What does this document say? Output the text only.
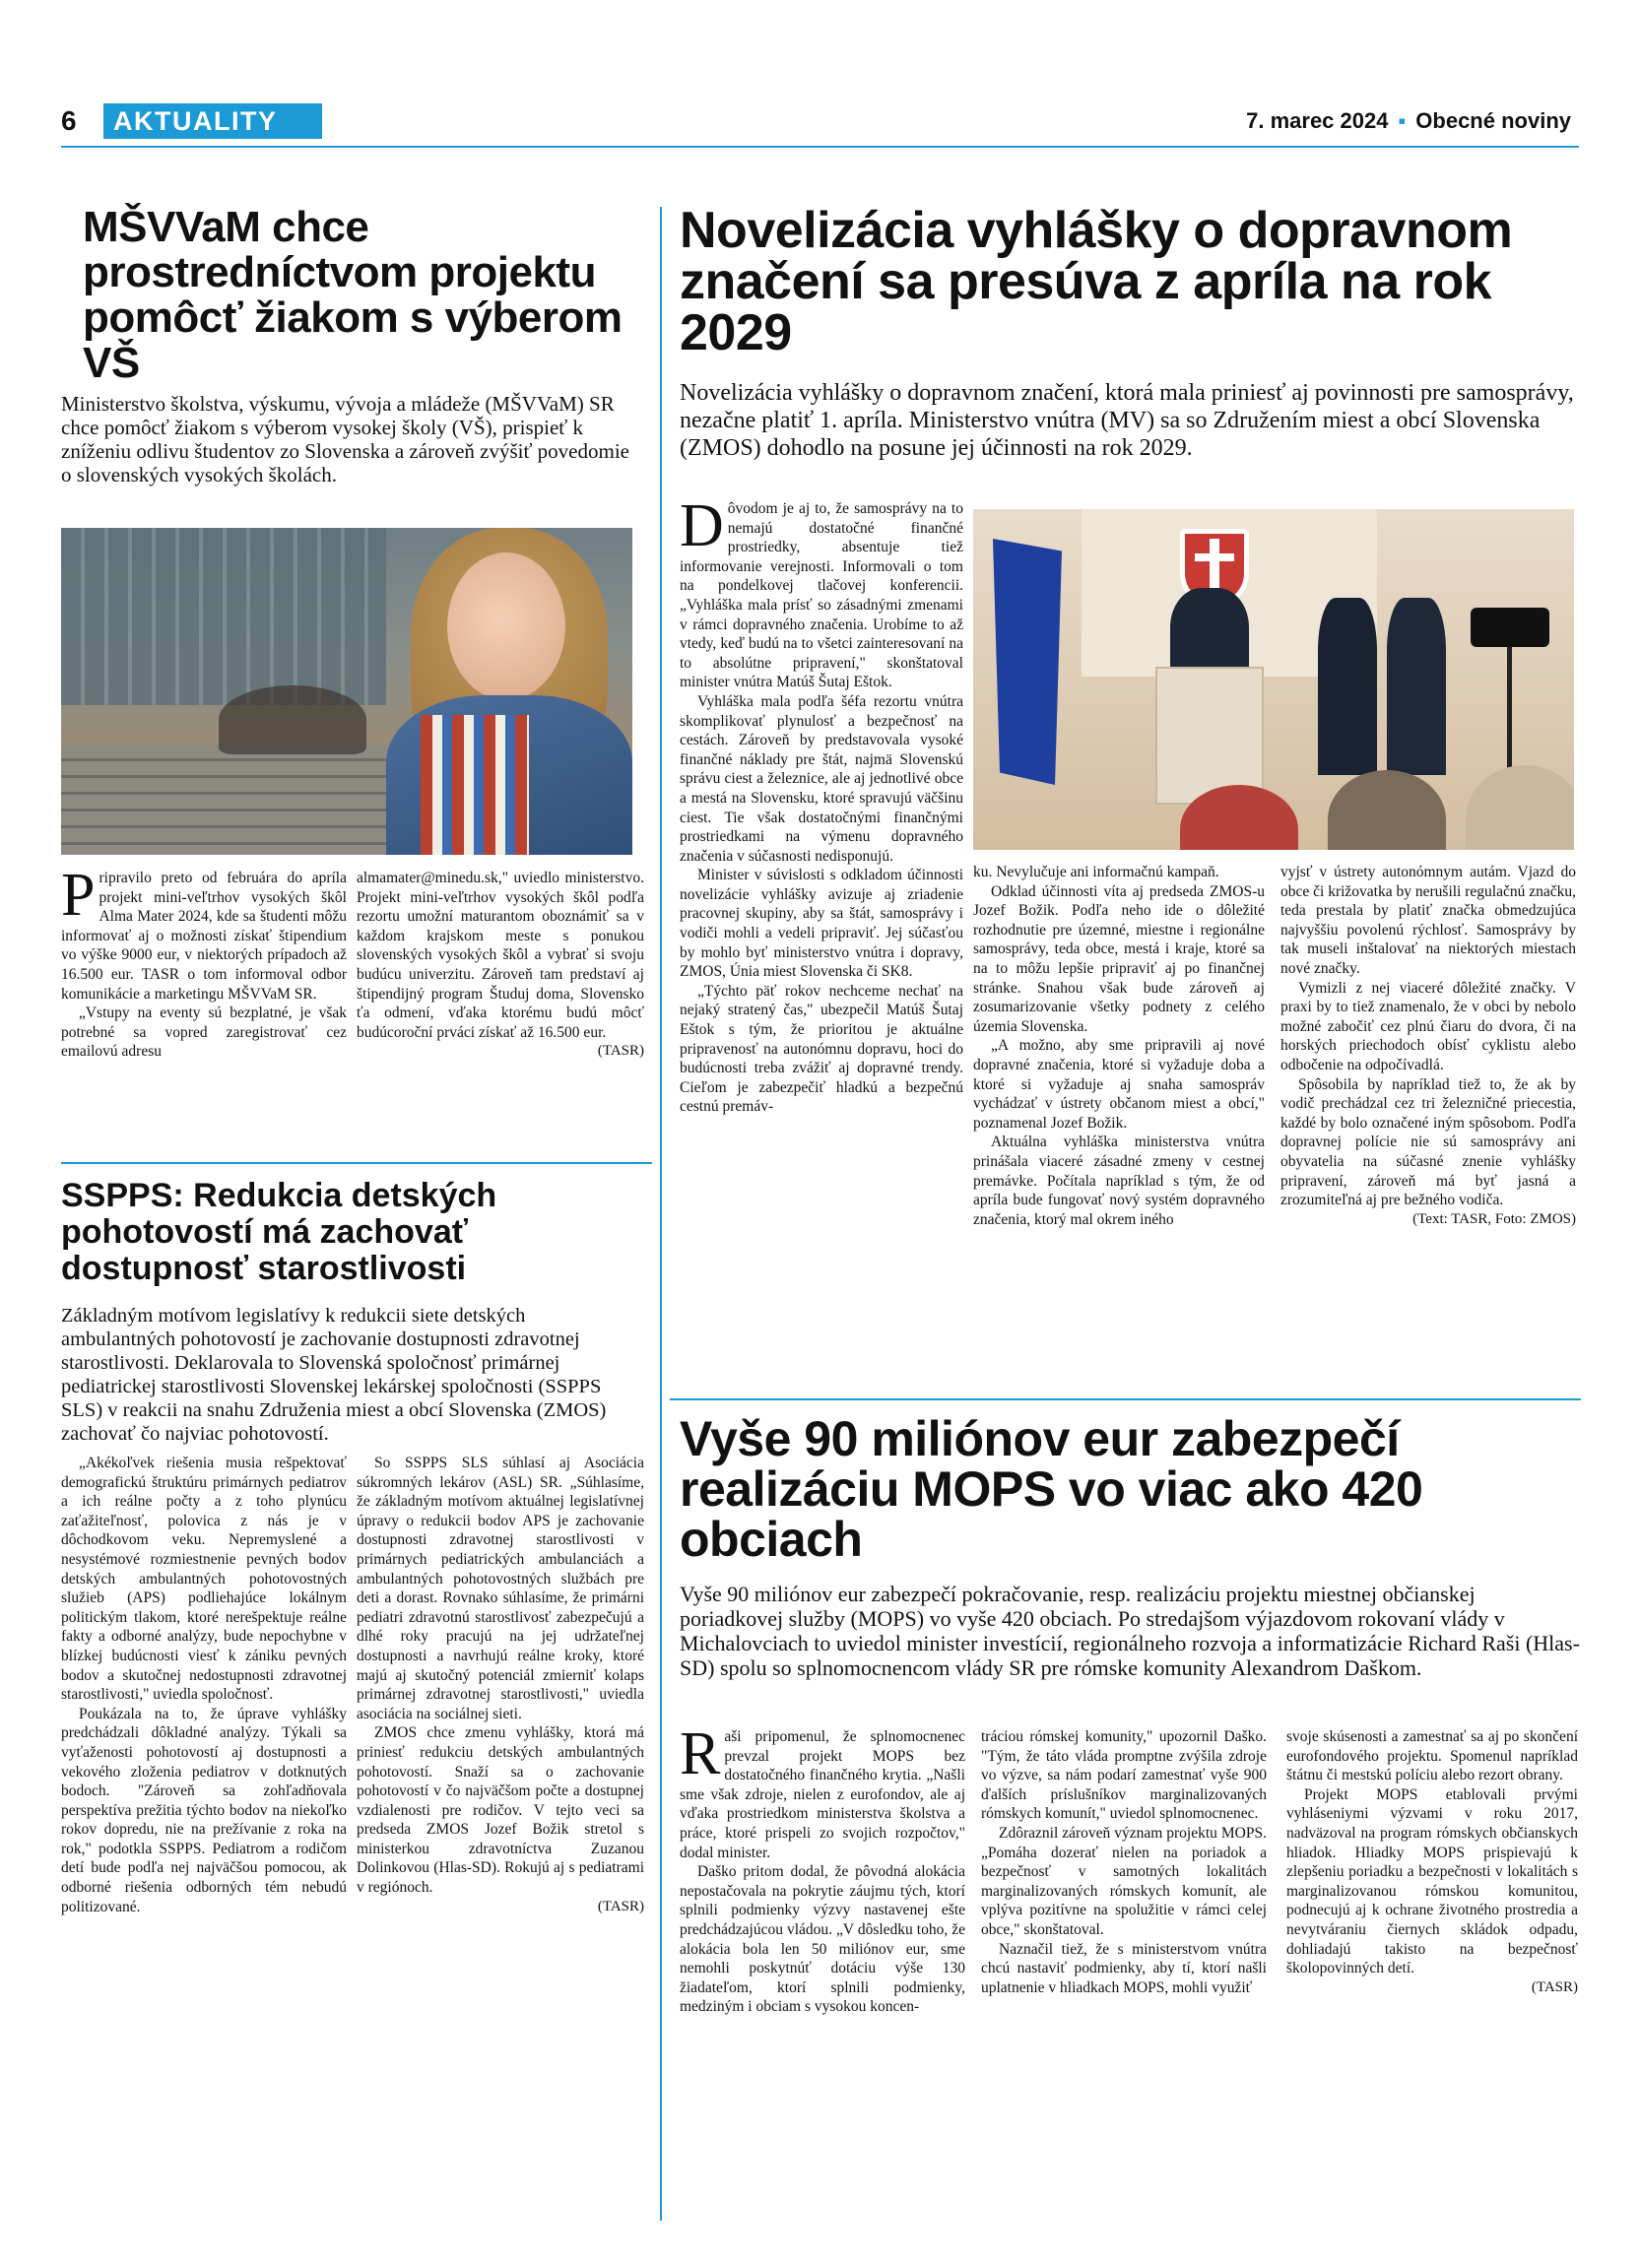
6	AKTUALITY	7. marec 2024 ▪ Obecné noviny
MŠVVaM chce prostredníctvom projektu pomôcť žiakom s výberom VŠ
Ministerstvo školstva, výskumu, vývoja a mládeže (MŠVVaM) SR chce pomôcť žiakom s výberom vysokej školy (VŠ), prispieť k zníženiu odlivu študentov zo Slovenska a zároveň zvýšiť povedomie o slovenských vysokých školách.

Pripravilo preto od februára do apríla projekt mini-veľtrhov vysokých škôl Alma Mater 2024, kde sa študenti môžu informovať aj o možnosti získať štipendium vo výške 9000 eur, v niektorých prípadoch až 16.500 eur. TASR o tom informoval odbor komunikácie a marketingu MŠVVaM SR.

„Vstupy na eventy sú bezplatné, je však potrebné sa vopred zaregistrovať cez emailovú adresu

almamater@minedu.sk," uviedlo ministerstvo. Projekt mini-veľtrhov vysokých škôl podľa rezortu umožní maturantom oboznámiť sa v každom krajskom meste s ponukou slovenských vysokých škôl a vybrať si svoju budúcu univerzitu. Zároveň tam predstaví aj štipendijný program Študuj doma, Slovensko ťa odmení, vďaka ktorému budú môcť budúcoroční prváci získať až 16.500 eur.

(TASR)

SSPPS: Redukcia detských pohotovostí má zachovať dostupnosť starostlivosti
Základným motívom legislatívy k redukcii siete detských ambulantných pohotovostí je zachovanie dostupnosti zdravotnej starostlivosti. Deklarovala to Slovenská spoločnosť primárnej pediatrickej starostlivosti Slovenskej lekárskej spoločnosti (SSPPS SLS) v reakcii na snahu Združenia miest a obcí Slovenska (ZMOS) zachovať čo najviac pohotovostí.

„Akékoľvek riešenia musia rešpektovať demografickú štruktúru primárnych pediatrov a ich reálne počty a z toho plynúcu zaťažiteľnosť, polovica z nás je v dôchodkovom veku. Nepremyslené a nesystémové rozmiestnenie pevných bodov detských ambulantných pohotovostných služieb (APS) podliehajúce lokálnym politickým tlakom, ktoré nerešpektuje reálne fakty a odborné analýzy, bude nepochybne v blízkej budúcnosti viesť k zániku pevných bodov a skutočnej nedostupnosti zdravotnej starostlivosti," uviedla spoločnosť.

Poukázala na to, že úprave vyhlášky predchádzali dôkladné analýzy. Týkali sa vyťaženosti pohotovostí aj dostupnosti a vekového zloženia pediatrov v dotknutých bodoch. "Zároveň sa zohľadňovala perspektíva prežitia týchto bodov na niekoľko rokov dopredu, nie na prežívanie z roka na rok," podotkla SSPPS. Pediatrom a rodičom detí bude podľa nej najväčšou pomocou, ak odborné riešenia odborných tém nebudú politizované.

So SSPPS SLS súhlasí aj Asociácia súkromných lekárov (ASL) SR. „Súhlasíme, že základným motívom aktuálnej legislatívnej úpravy o redukcii bodov APS je zachovanie dostupnosti zdravotnej starostlivosti v primárnych pediatrických ambulanciách a ambulantných pohotovostných službách pre deti a dorast. Rovnako súhlasíme, že primárni pediatri zdravotnú starostlivosť zabezpečujú a dlhé roky pracujú na jej udržateľnej dostupnosti a navrhujú reálne kroky, ktoré majú aj skutočný potenciál zmierniť kolaps primárnej zdravotnej starostlivosti," uviedla asociácia na sociálnej sieti.

ZMOS chce zmenu vyhlášky, ktorá má priniesť redukciu detských ambulantných pohotovostí. Snaží sa o zachovanie pohotovostí v čo najväčšom počte a dostupnej vzdialenosti pre rodičov. V tejto veci sa predseda ZMOS Jozef Božik stretol s ministerkou zdravotníctva Zuzanou Dolinkovou (Hlas-SD). Rokujú aj s pediatrami v regiónoch.

(TASR)

Novelizácia vyhlášky o dopravnom značení sa presúva z apríla na rok 2029
Novelizácia vyhlášky o dopravnom značení, ktorá mala priniesť aj povinnosti pre samosprávy, nezačne platiť 1. apríla. Ministerstvo vnútra (MV) sa so Združením miest a obcí Slovenska (ZMOS) dohodlo na posune jej účinnosti na rok 2029.

Dôvodom je aj to, že samosprávy na to nemajú dostatočné finančné prostriedky, absentuje tiež informovanie verejnosti. Informovali o tom na pondelkovej tlačovej konferencii. „Vyhláška mala prísť so zásadnými zmenami v rámci dopravného značenia. Urobíme to až vtedy, keď budú na to všetci zainteresovaní na to absolútne pripravení," skonštatoval minister vnútra Matúš Šutaj Eštok.

Vyhláška mala podľa šéfa rezortu vnútra skomplikovať plynulosť a bezpečnosť na cestách. Zároveň by predstavovala vysoké finančné náklady pre štát, najmä Slovenskú správu ciest a železnice, ale aj jednotlivé obce a mestá na Slovensku, ktoré spravujú väčšinu ciest. Tie však dostatočnými finančnými prostriedkami na výmenu dopravného značenia v súčasnosti nedisponujú.

Minister v súvislosti s odkladom účinnosti novelizácie vyhlášky avizuje aj zriadenie pracovnej skupiny, aby sa štát, samosprávy i vodiči mohli a vedeli pripraviť. Jej súčasťou by mohlo byť ministerstvo vnútra i dopravy, ZMOS, Únia miest Slovenska či SK8.

„Týchto päť rokov nechceme nechať na nejaký stratený čas," ubezpečil Matúš Šutaj Eštok s tým, že prioritou je aktuálne pripravenosť na autonómnu dopravu, hoci do budúcnosti treba zvážiť aj dopravné trendy. Cieľom je zabezpečiť hladkú a bezpečnú cestnú premáv-

ku. Nevylučuje ani informačnú kampaň.

Odklad účinnosti víta aj predseda ZMOS-u Jozef Božik. Podľa neho ide o dôležité rozhodnutie pre územné, miestne i regionálne samosprávy, teda obce, mestá i kraje, ktoré sa na to môžu lepšie pripraviť aj po finančnej stránke. Snahou však bude zároveň aj zosumarizovanie všetky podnety z celého územia Slovenska.

„A možno, aby sme pripravili aj nové dopravné značenia, ktoré si vyžaduje doba a ktoré si vyžaduje aj snaha samospráv vychádzať v ústrety občanom miest a obcí," poznamenal Jozef Božik.

Aktuálna vyhláška ministerstva vnútra prinášala viaceré zásadné zmeny v cestnej premávke. Počítala napríklad s tým, že od apríla bude fungovať nový systém dopravného značenia, ktorý mal okrem iného

vyjsť v ústrety autonómnym autám. Vjazd do obce či križovatka by nerušili regulačnú značku, teda prestala by platiť značka obmedzujúca najvyššiu povolenú rýchlosť. Samosprávy by tak museli inštalovať na niektorých miestach nové značky.

Vymizli z nej viaceré dôležité značky. V praxi by to tiež znamenalo, že v obci by nebolo možné zabočiť cez plnú čiaru do dvora, či na horských priechodoch obísť cyklistu alebo odbočenie na odpočívadlá.

Spôsobila by napríklad tiež to, že ak by vodič prechádzal cez tri železničné priecestia, každé by bolo označené iným spôsobom. Podľa dopravnej polície nie sú samosprávy ani obyvatelia na súčasné znenie vyhlášky pripravení, zároveň má byť jasná a zrozumiteľná aj pre bežného vodiča.

(Text: TASR, Foto: ZMOS)

Vyše 90 miliónov eur zabezpečí realizáciu MOPS vo viac ako 420 obciach
Vyše 90 miliónov eur zabezpečí pokračovanie, resp. realizáciu projektu miestnej občianskej poriadkovej služby (MOPS) vo vyše 420 obciach. Po stredajšom výjazdovom rokovaní vlády v Michalovciach to uviedol minister investícií, regionálneho rozvoja a informatizácie Richard Raši (Hlas-SD) spolu so splnomocnencom vlády SR pre rómske komunity Alexandrom Daškom.

Raši pripomenul, že splnomocnenec prevzal projekt MOPS bez dostatočného finančného krytia. „Našli sme však zdroje, nielen z eurofondov, ale aj vďaka prostriedkom ministerstva školstva a práce, ktoré prispeli zo svojich rozpočtov," dodal minister.

Daško pritom dodal, že pôvodná alokácia nepostačovala na pokrytie záujmu tých, ktorí splnili podmienky výzvy nastavenej ešte predchádzajúcou vládou. „V dôsledku toho, že alokácia bola len 50 miliónov eur, sme nemohli poskytnúť dotáciu výše 130 žiadateľom, ktorí splnili podmienky, medziným i obciam s vysokou koncen-

tráciou rómskej komunity," upozornil Daško. "Tým, že táto vláda promptne zvýšila zdroje vo výzve, sa nám podarí zamestnať vyše 900 ďalších príslušníkov marginalizovaných rómskych komunít," uviedol splnomocnenec.

Zdôraznil zároveň význam projektu MOPS. „Pomáha dozerať nielen na poriadok a bezpečnosť v samotných lokalitách marginalizovaných rómskych komunít, ale vplýva pozitívne na spolužitie v rámci celej obce," skonštatoval.

Naznačil tiež, že s ministerstvom vnútra chcú nastaviť podmienky, aby tí, ktorí našli uplatnenie v hliadkach MOPS, mohli využiť

svoje skúsenosti a zamestnať sa aj po skončení eurofondového projektu. Spomenul napríklad štátnu či mestskú políciu alebo rezort obrany.

Projekt MOPS etablovali prvými vyhláseniymi výzvami v roku 2017, nadväzoval na program rómskych občianskych hliadok. Hliadky MOPS prispievajú k zlepšeniu poriadku a bezpečnosti v lokalitách s marginalizovanou rómskou komunitou, podnecujú aj k ochrane životného prostredia a nevytváraniu čiernych skládok odpadu, dohliadajú takisto na bezpečnosť školopovinných detí.

(TASR)
